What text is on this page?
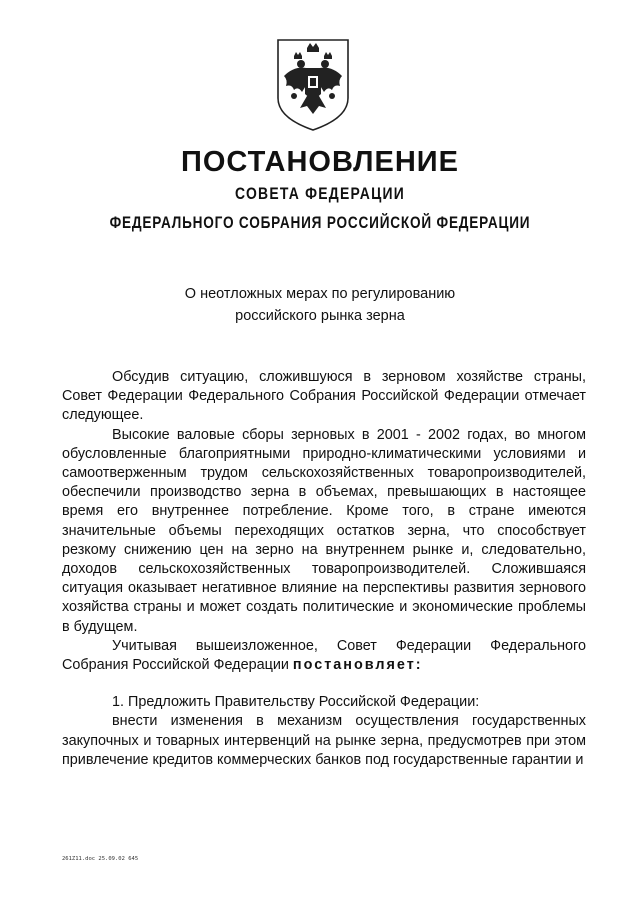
ПОСТАНОВЛЕНИЕ
СОВЕТА ФЕДЕРАЦИИ
ФЕДЕРАЛЬНОГО СОБРАНИЯ РОССИЙСКОЙ ФЕДЕРАЦИИ
О неотложных мерах по регулированию
российского рынка зерна

Обсудив ситуацию, сложившуюся в зерновом хозяйстве страны, Совет Федерации Федерального Собрания Российской Федерации отмечает следующее.

Высокие валовые сборы зерновых в 2001 - 2002 годах, во многом обусловленные благоприятными природно-климатическими условиями и самоотверженным трудом сельскохозяйственных товаропроизводителей, обеспечили производство зерна в объемах, превышающих в настоящее время его внутреннее потребление. Кроме того, в стране имеются значительные объемы переходящих остатков зерна, что способствует резкому снижению цен на зерно на внутреннем рынке и, следовательно, доходов сельскохозяйственных товаропроизводителей. Сложившаяся ситуация оказывает негативное влияние на перспективы развития зернового хозяйства страны и может создать политические и экономические проблемы в будущем.

Учитывая вышеизложенное, Совет Федерации Федерального Собрания Российской Федерации постановляет:

1. Предложить Правительству Российской Федерации:

внести изменения в механизм осуществления государственных закупочных и товарных интервенций на рынке зерна, предусмотрев при этом привлечение кредитов коммерческих банков под государственные гарантии и

261Z11.doc 25.09.02 645
